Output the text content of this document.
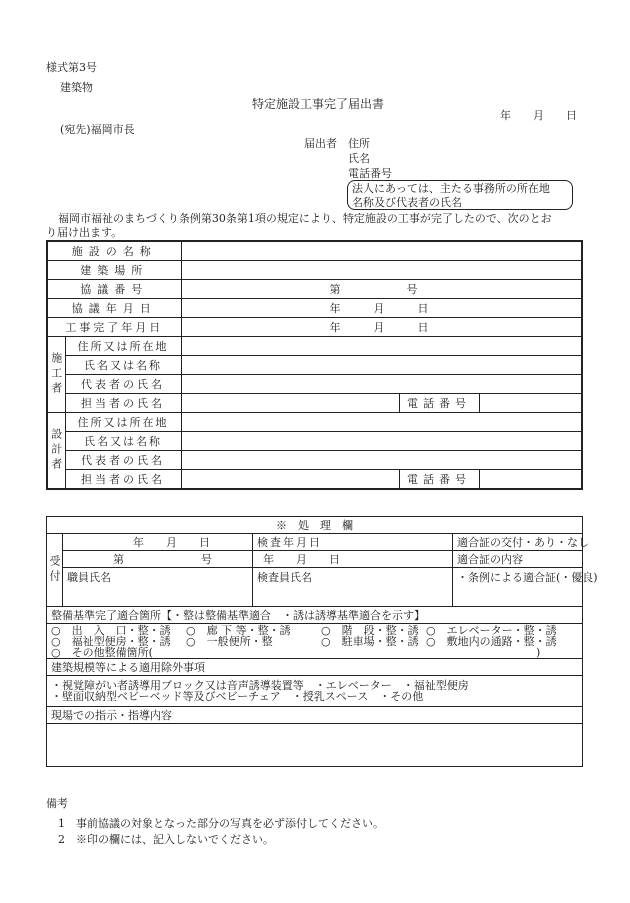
様式第3号
建築物
特定施設工事完了届出書
年　　月　　日
(宛先)福岡市長
届出者 住所
氏名
電話番号
法人にあっては、主たる事務所の所在地
名称及び代表者の氏名
福岡市福祉のまちづくり条例第30条第1項の規定により、特定施設の工事が完了したので、次のとお
り届け出ます。
施設の名称				
建築場所				
協議番号		第　　　　　　号		
協議年月日		年　　　月　　　日		
工事完了年月日		年　　　月　　　日		
施工者	住所又は所在地			
	氏名又は名称			
	代表者の氏名			
	担当者の氏名		電話番号	
設計者	住所又は所在地			
	氏名又は名称			
	代表者の氏名			
	担当者の氏名		電話番号	
※　処　理　欄			
受付	年　　月　　日	検査年月日	適合証の交付・あり・なし
	第　　　　　　　号	年　　月　　日	適合証の内容
	職員氏名	検査員氏名	・条例による適合証(・優良)

整備基準完了適合箇所【・整は整備基準適合　・誘は誘導基準適合を示す】			
○　出　入　口・整・誘 ○　廊 下 等・整・誘 ○　階　段・整・誘 ○　エレベーター・整・誘
○　福祉型便房・整・誘 ○　一般便所・整 ○　駐車場・整・誘 ○　敷地内の通路・整・誘
○　その他整備箇所( )			
建築規模等による適用除外事項			
・視覚障がい者誘導用ブロック又は音声誘導装置等　・エレベーター　・福祉型便房
・壁面収納型ベビーベッド等及びベビーチェア　・授乳スペース　・その他			
現場での指示・指導内容			

備考
1　事前協議の対象となった部分の写真を必ず添付してください。
2　※印の欄には、記入しないでください。
